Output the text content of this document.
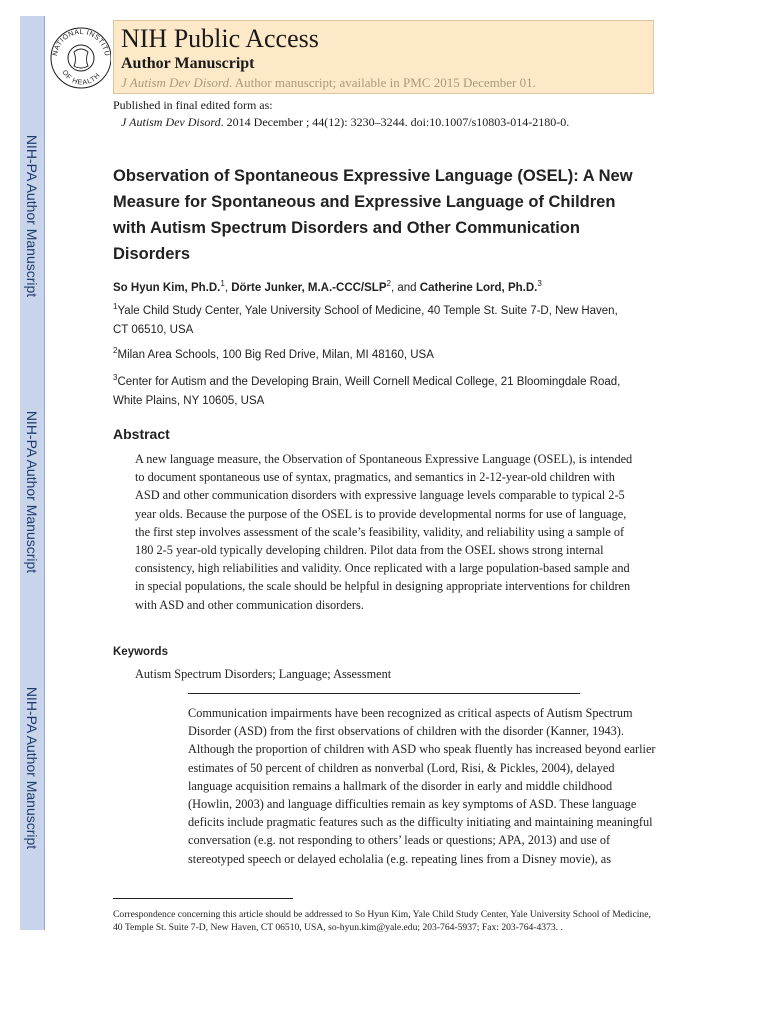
NIH-PA Author Manuscript
NIH-PA Author Manuscript
NIH-PA Author Manuscript
NATIONAL INSTITU
OF HEALTH
NIH Public Access
Author Manuscript
J Autism Dev Disord. Author manuscript; available in PMC 2015 December 01.
Published in final edited form as:
J Autism Dev Disord. 2014 December ; 44(12): 3230–3244. doi:10.1007/s10803-014-2180-0.
Observation of Spontaneous Expressive Language (OSEL): A New Measure for Spontaneous and Expressive Language of Children with Autism Spectrum Disorders and Other Communication Disorders
So Hyun Kim, Ph.D.$^1$, Dörte Junker, M.A.-CCC/SLP$^2$, and Catherine Lord, Ph.D.$^3$
$^1$Yale Child Study Center, Yale University School of Medicine, 40 Temple St. Suite 7-D, New Haven, CT 06510, USA
$^2$Milan Area Schools, 100 Big Red Drive, Milan, MI 48160, USA
$^3$Center for Autism and the Developing Brain, Weill Cornell Medical College, 21 Bloomingdale Road, White Plains, NY 10605, USA
Abstract
A new language measure, the Observation of Spontaneous Expressive Language (OSEL), is intended to document spontaneous use of syntax, pragmatics, and semantics in 2-12-year-old children with ASD and other communication disorders with expressive language levels comparable to typical 2-5 year olds. Because the purpose of the OSEL is to provide developmental norms for use of language, the first step involves assessment of the scale’s feasibility, validity, and reliability using a sample of 180 2-5 year-old typically developing children. Pilot data from the OSEL shows strong internal consistency, high reliabilities and validity. Once replicated with a large population-based sample and in special populations, the scale should be helpful in designing appropriate interventions for children with ASD and other communication disorders.
Keywords
Autism Spectrum Disorders; Language; Assessment
Communication impairments have been recognized as critical aspects of Autism Spectrum Disorder (ASD) from the first observations of children with the disorder (Kanner, 1943). Although the proportion of children with ASD who speak fluently has increased beyond earlier estimates of 50 percent of children as nonverbal (Lord, Risi, & Pickles, 2004), delayed language acquisition remains a hallmark of the disorder in early and middle childhood (Howlin, 2003) and language difficulties remain as key symptoms of ASD. These language deficits include pragmatic features such as the difficulty initiating and maintaining meaningful conversation (e.g. not responding to others’ leads or questions; APA, 2013) and use of stereotyped speech or delayed echolalia (e.g. repeating lines from a Disney movie), as
Correspondence concerning this article should be addressed to So Hyun Kim, Yale Child Study Center, Yale University School of Medicine, 40 Temple St. Suite 7-D, New Haven, CT 06510, USA, so-hyun.kim@yale.edu; 203-764-5937; Fax: 203-764-4373. .
